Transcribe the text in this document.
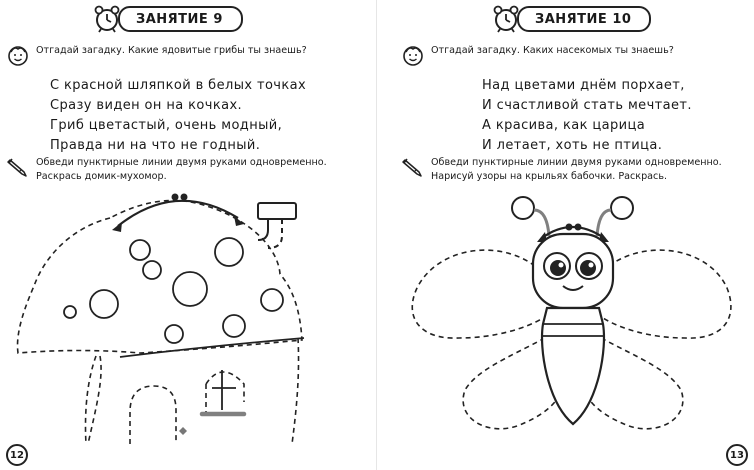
ЗАНЯТИЕ 9

Отгадай загадку. Какие ядовитые грибы ты знаешь?

С красной шляпкой в белых точках

Сразу виден он на кочках.

Гриб цветастый, очень модный,

Правда ни на что не годный.

Обведи пунктирные линии двумя руками одновременно.

Раскрась домик-мухомор.

12
ЗАНЯТИЕ 10

Отгадай загадку. Каких насекомых ты знаешь?

Над цветами днём порхает,

И счастливой стать мечтает.

А красива, как царица

И летает, хоть не птица.

Обведи пунктирные линии двумя руками одновременно.

Нарисуй узоры на крыльях бабочки. Раскрась.

13
